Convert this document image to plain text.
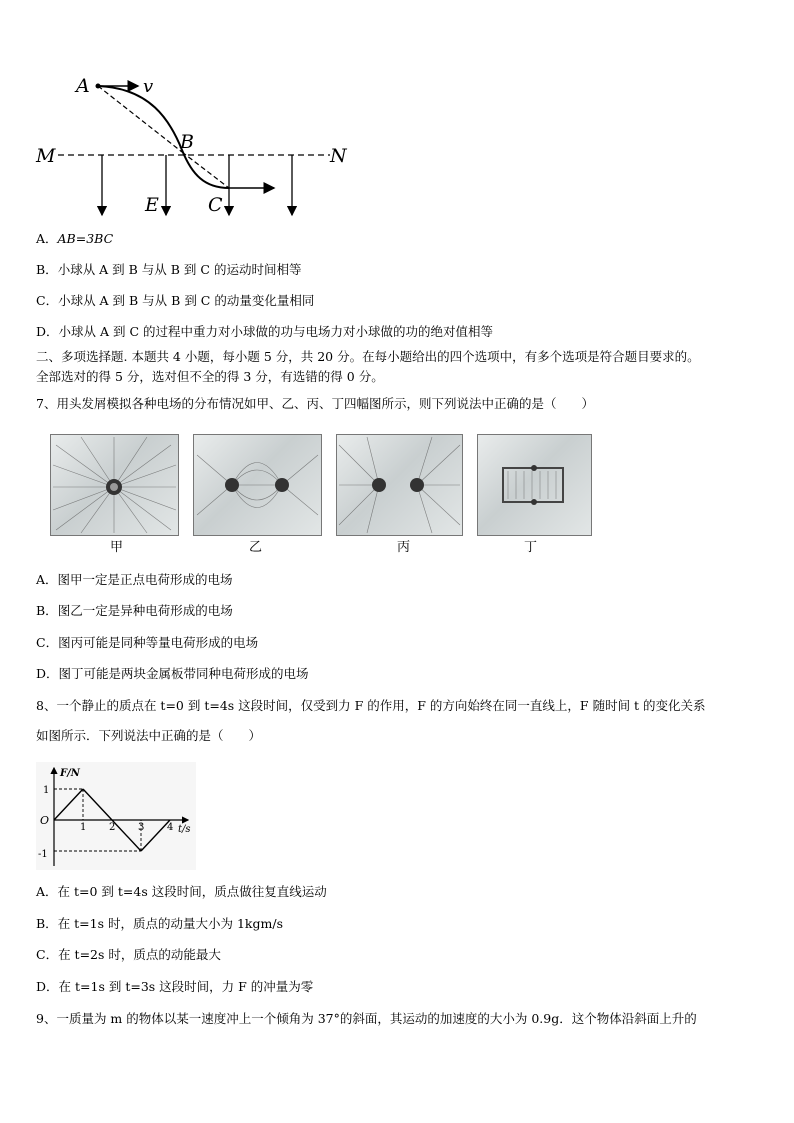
A	v
B
M	N
E	C
A．AB=3BC
B．小球从 A 到 B 与从 B 到 C 的运动时间相等
C．小球从 A 到 B 与从 B 到 C 的动量变化量相同
D．小球从 A 到 C 的过程中重力对小球做的功与电场力对小球做的功的绝对值相等
二、多项选择题. 本题共 4 小题，每小题 5 分，共 20 分。在每小题给出的四个选项中，有多个选项是符合题目要求的。
全部选对的得 5 分，选对但不全的得 3 分，有选错的得 0 分。
7、用头发屑模拟各种电场的分布情况如甲、乙、丙、丁四幅图所示，则下列说法中正确的是（　　）
甲	乙	丙	丁
A．图甲一定是正点电荷形成的电场
B．图乙一定是异种电荷形成的电场
C．图丙可能是同种等量电荷形成的电场
D．图丁可能是两块金属板带同种电荷形成的电场
8、一个静止的质点在 t=0 到 t=4s 这段时间，仅受到力 F 的作用，F 的方向始终在同一直线上，F 随时间 t 的变化关系
如图所示．下列说法中正确的是（　　）
F/N
t/s
O
1
-1
1 2 3 4
A．在 t=0 到 t=4s 这段时间，质点做往复直线运动
B．在 t=1s 时，质点的动量大小为 1kgm/s
C．在 t=2s 时，质点的动能最大
D．在 t=1s 到 t=3s 这段时间，力 F 的冲量为零
9、一质量为 m 的物体以某一速度冲上一个倾角为 37°的斜面，其运动的加速度的大小为 0.9g．这个物体沿斜面上升的
